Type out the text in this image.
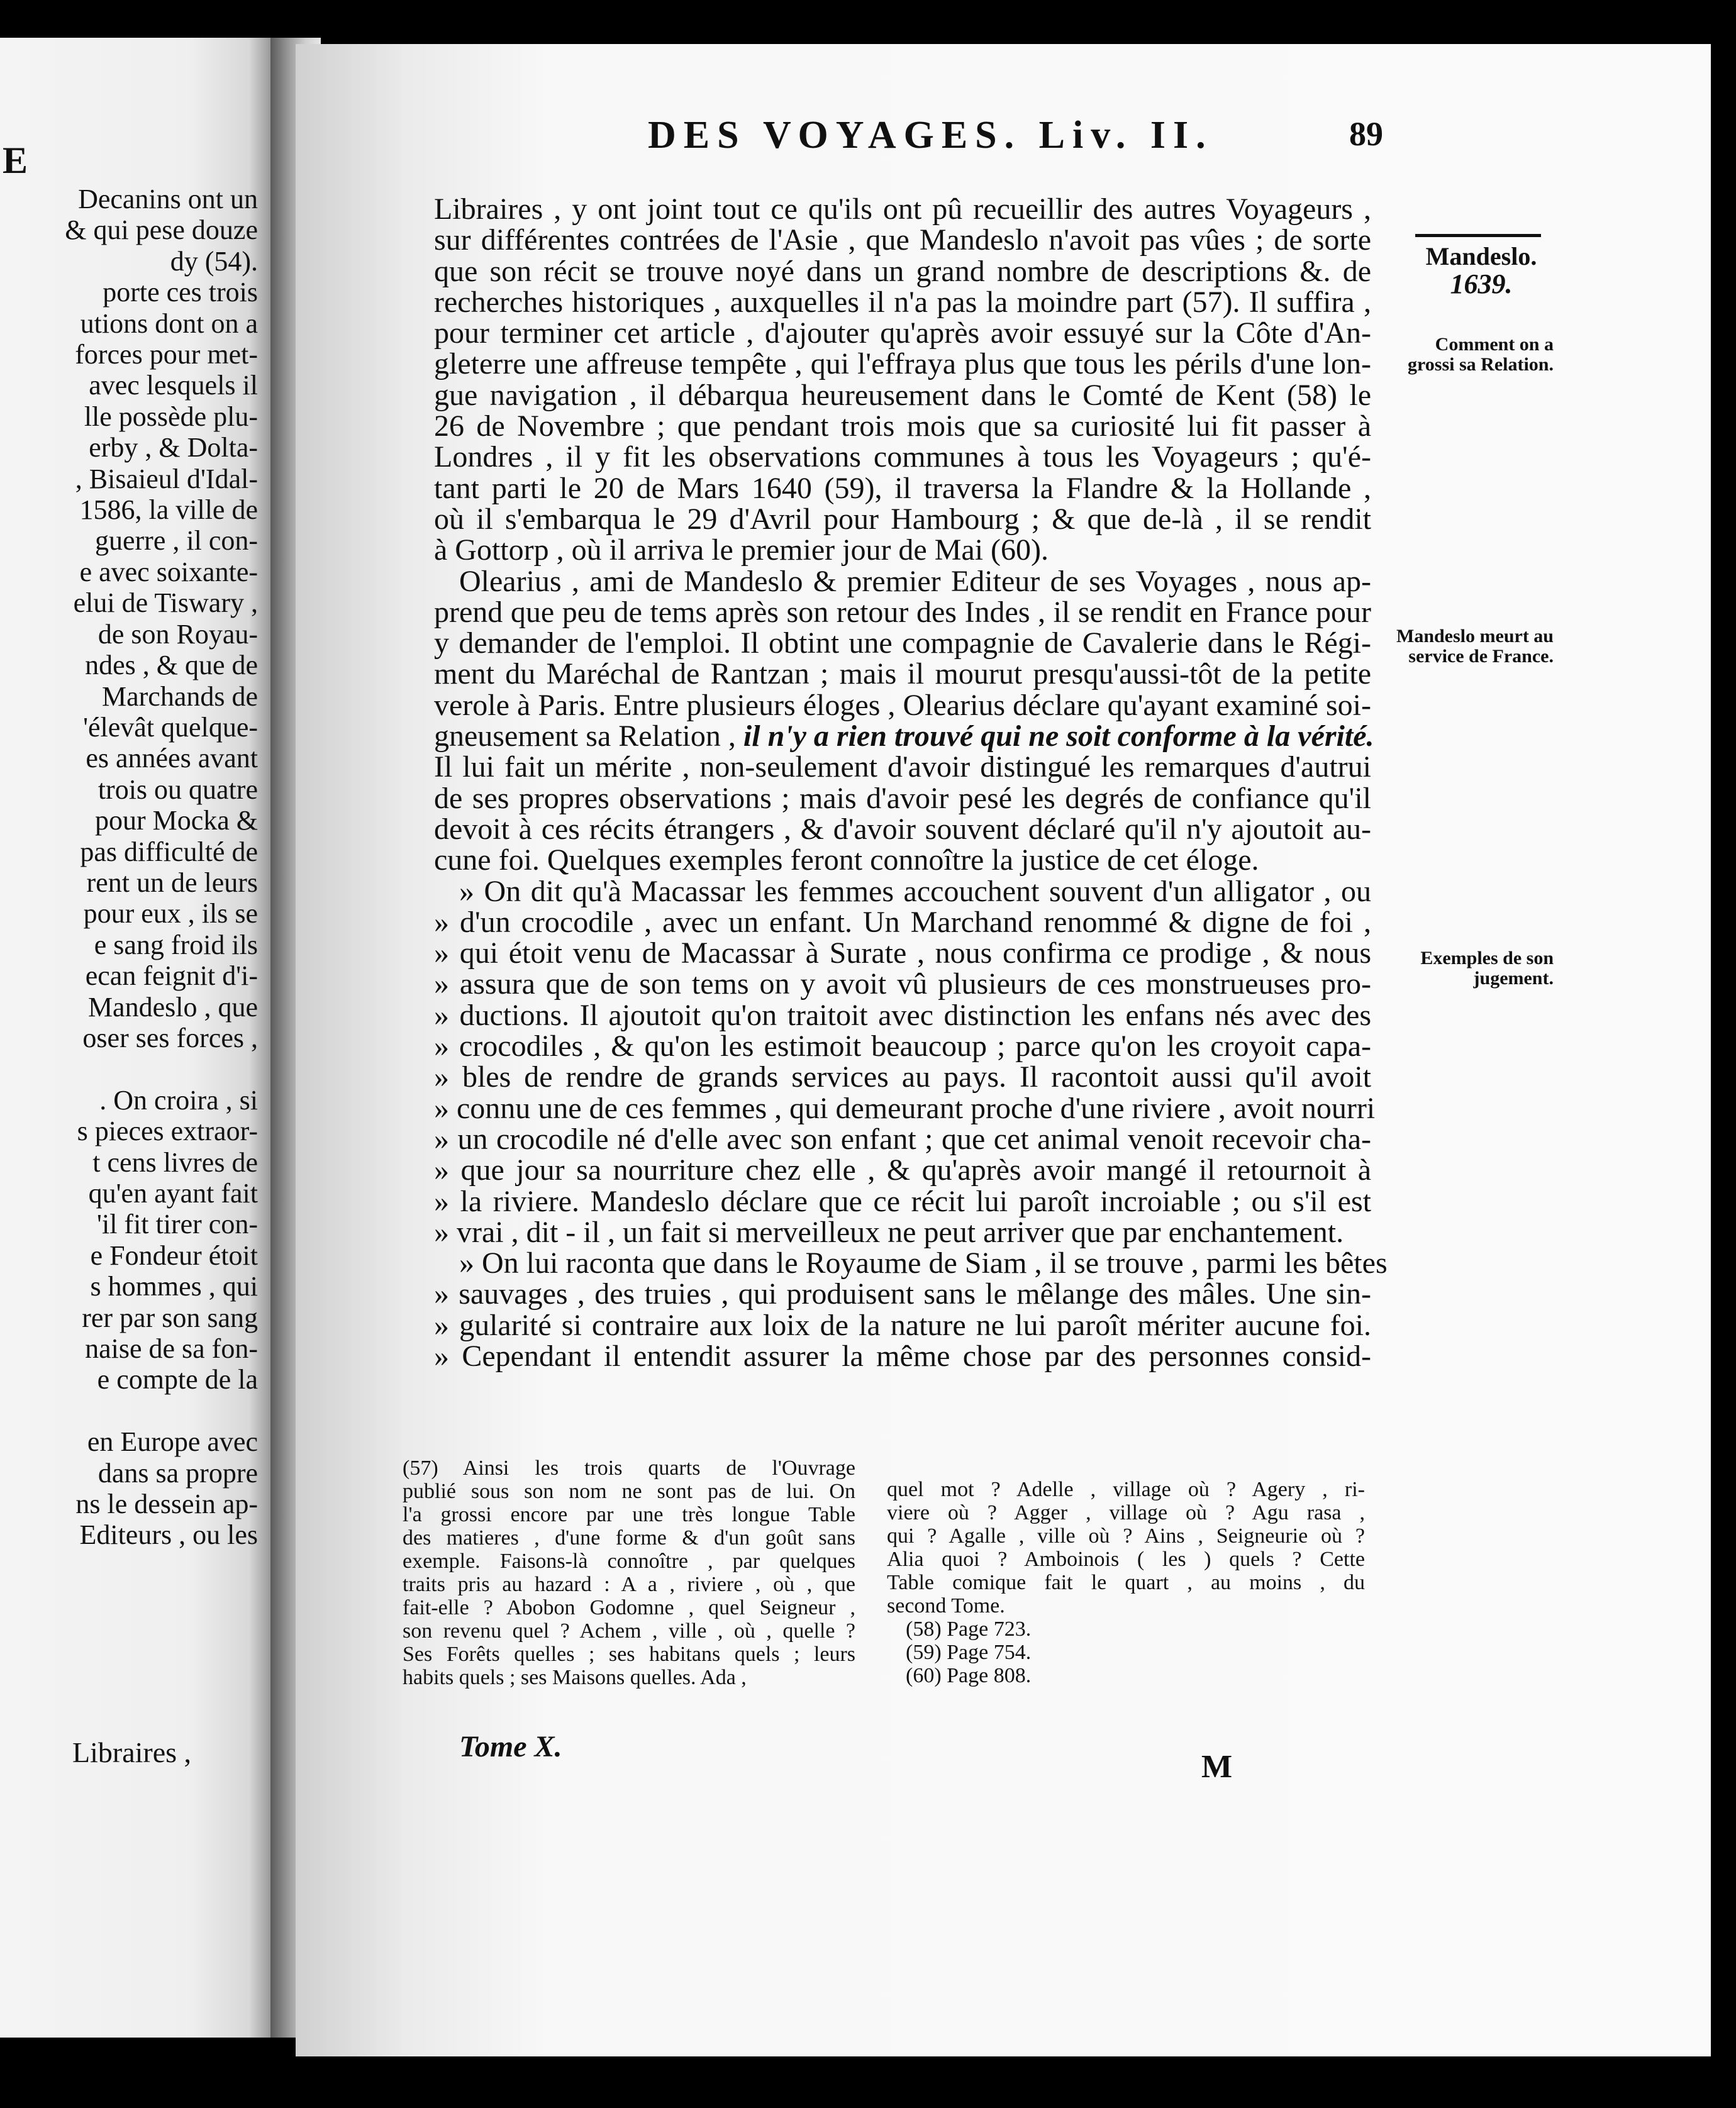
E
Decanins ont un
& qui pese douze
dy (54).
porte ces trois
utions dont on a
forces pour met-
avec lesquels il
lle possède plu-
erby , & Dolta-
, Bisaieul d'Idal-
1586, la ville de
guerre , il con-
e avec soixante-
elui de Tiswary ,
de son Royau-
ndes , & que de
Marchands de
'élevât quelque-
es années avant
trois ou quatre
pour Mocka &
pas difficulté de
rent un de leurs
pour eux , ils se
e sang froid ils
ecan feignit d'i-
Mandeslo , que
oser ses forces ,

. On croira , si
s pieces extraor-
t cens livres de
qu'en ayant fait
'il fit tirer con-
e Fondeur étoit
s hommes , qui
rer par son sang
naise de sa fon-
e compte de la

en Europe avec
dans sa propre
ns le dessein ap-
Editeurs , ou les
Libraires ,
DES VOYAGES. Liv. II.	89
Mandeslo.
1639.
Comment on a grossi sa Relation.
Mandeslo meurt au service de France.
Exemples de son jugement.
Libraires , y ont joint tout ce qu'ils ont pû recueillir des autres Voyageurs ,
sur différentes contrées de l'Asie , que Mandeslo n'avoit pas vûes ; de sorte
que son récit se trouve noyé dans un grand nombre de descriptions &. de
recherches historiques , auxquelles il n'a pas la moindre part (57). Il suffira ,
pour terminer cet article , d'ajouter qu'après avoir essuyé sur la Côte d'An-
gleterre une affreuse tempête , qui l'effraya plus que tous les périls d'une lon-
gue navigation , il débarqua heureusement dans le Comté de Kent (58) le
26 de Novembre ; que pendant trois mois que sa curiosité lui fit passer à
Londres , il y fit les observations communes à tous les Voyageurs ; qu'é-
tant parti le 20 de Mars 1640 (59), il traversa la Flandre & la Hollande ,
où il s'embarqua le 29 d'Avril pour Hambourg ; & que de-là , il se rendit
à Gottorp , où il arriva le premier jour de Mai (60).
Olearius , ami de Mandeslo & premier Editeur de ses Voyages , nous ap-
prend que peu de tems après son retour des Indes , il se rendit en France pour
y demander de l'emploi. Il obtint une compagnie de Cavalerie dans le Régi-
ment du Maréchal de Rantzan ; mais il mourut presqu'aussi-tôt de la petite
verole à Paris. Entre plusieurs éloges , Olearius déclare qu'ayant examiné soi-
gneusement sa Relation , il n'y a rien trouvé qui ne soit conforme à la vérité.
Il lui fait un mérite , non-seulement d'avoir distingué les remarques d'autrui
de ses propres observations ; mais d'avoir pesé les degrés de confiance qu'il
devoit à ces récits étrangers , & d'avoir souvent déclaré qu'il n'y ajoutoit au-
cune foi. Quelques exemples feront connoître la justice de cet éloge.
» On dit qu'à Macassar les femmes accouchent souvent d'un alligator , ou
» d'un crocodile , avec un enfant. Un Marchand renommé & digne de foi ,
» qui étoit venu de Macassar à Surate , nous confirma ce prodige , & nous
» assura que de son tems on y avoit vû plusieurs de ces monstrueuses pro-
» ductions. Il ajoutoit qu'on traitoit avec distinction les enfans nés avec des
» crocodiles , & qu'on les estimoit beaucoup ; parce qu'on les croyoit capa-
» bles de rendre de grands services au pays. Il racontoit aussi qu'il avoit
» connu une de ces femmes , qui demeurant proche d'une riviere , avoit nourri
» un crocodile né d'elle avec son enfant ; que cet animal venoit recevoir cha-
» que jour sa nourriture chez elle , & qu'après avoir mangé il retournoit à
» la riviere. Mandeslo déclare que ce récit lui paroît incroiable ; ou s'il est
» vrai , dit - il , un fait si merveilleux ne peut arriver que par enchantement.
» On lui raconta que dans le Royaume de Siam , il se trouve , parmi les bêtes
» sauvages , des truies , qui produisent sans le mêlange des mâles. Une sin-
» gularité si contraire aux loix de la nature ne lui paroît mériter aucune foi.
» Cependant il entendit assurer la même chose par des personnes consid-
(57) Ainsi les trois quarts de l'Ouvrage
publié sous son nom ne sont pas de lui. On
l'a grossi encore par une très longue Table
des matieres , d'une forme & d'un goût sans
exemple. Faisons-là connoître , par quelques
traits pris au hazard : A a , riviere , où , que
fait-elle ? Abobon Godomne , quel Seigneur ,
son revenu quel ? Achem , ville , où , quelle ?
Ses Forêts quelles ; ses habitans quels ; leurs
habits quels ; ses Maisons quelles. Ada ,
quel mot ? Adelle , village où ? Agery , ri-
viere où ? Agger , village où ? Agu rasa ,
qui ? Agalle , ville où ? Ains , Seigneurie où ?
Alia quoi ? Amboinois ( les ) quels ? Cette
Table comique fait le quart , au moins , du
second Tome.
(58) Page 723.
(59) Page 754.
(60) Page 808.
Tome X.
M
